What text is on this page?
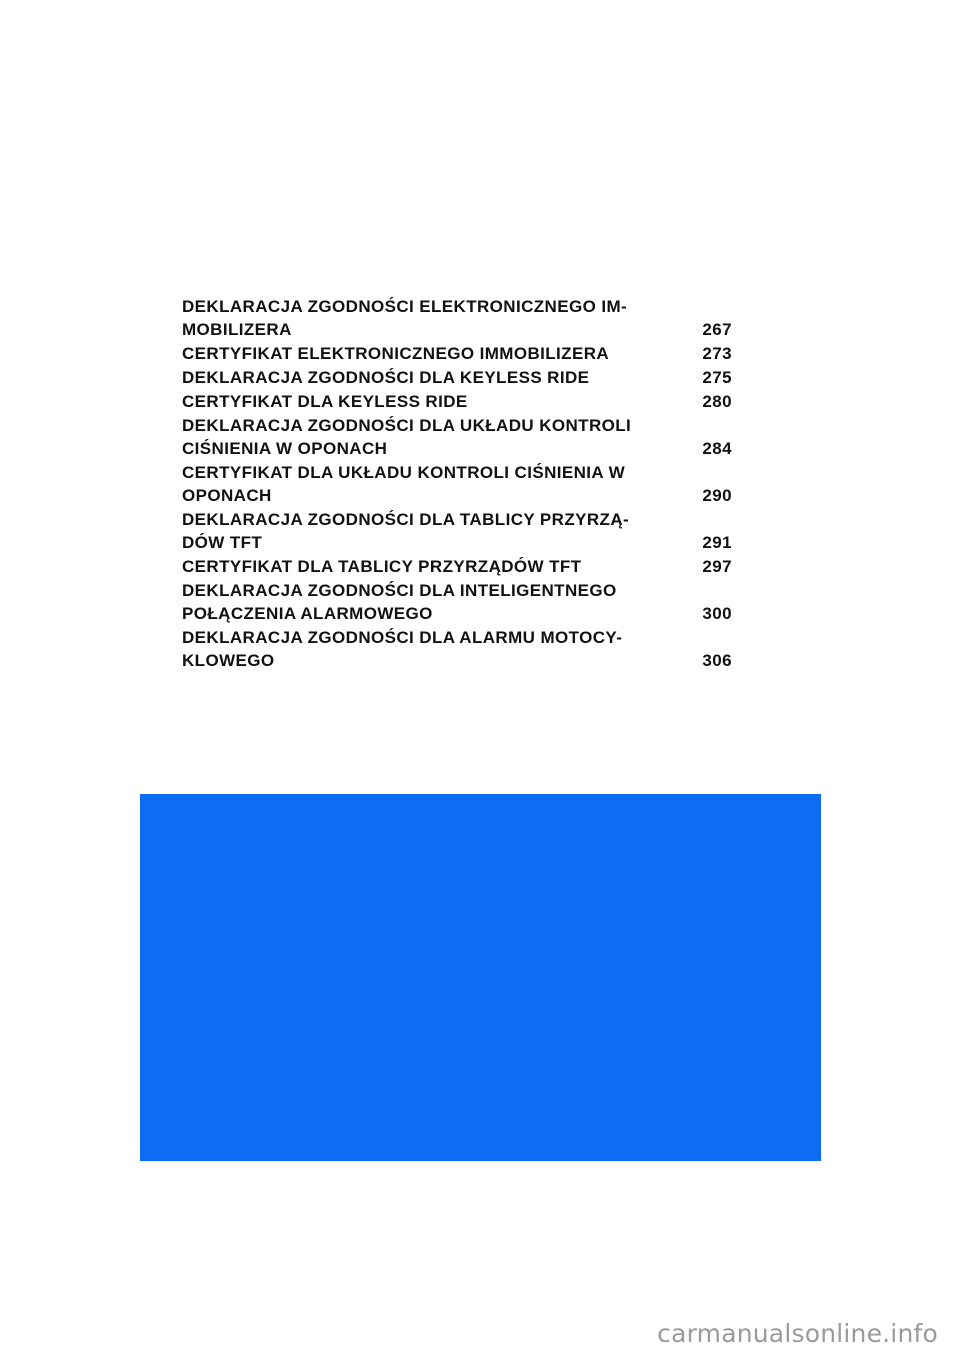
DEKLARACJA ZGODNOŚCI ELEKTRONICZNEGO IM-
MOBILIZERA	267
CERTYFIKAT ELEKTRONICZNEGO IMMOBILIZERA	273
DEKLARACJA ZGODNOŚCI DLA KEYLESS RIDE	275
CERTYFIKAT DLA KEYLESS RIDE	280
DEKLARACJA ZGODNOŚCI DLA UKŁADU KONTROLI
CIŚNIENIA W OPONACH	284
CERTYFIKAT DLA UKŁADU KONTROLI CIŚNIENIA W
OPONACH	290
DEKLARACJA ZGODNOŚCI DLA TABLICY PRZYRZĄ-
DÓW TFT	291
CERTYFIKAT DLA TABLICY PRZYRZĄDÓW TFT	297
DEKLARACJA ZGODNOŚCI DLA INTELIGENTNEGO
POŁĄCZENIA ALARMOWEGO	300
DEKLARACJA ZGODNOŚCI DLA ALARMU MOTOCY-
KLOWEGO	306
carmanualsonline.info
